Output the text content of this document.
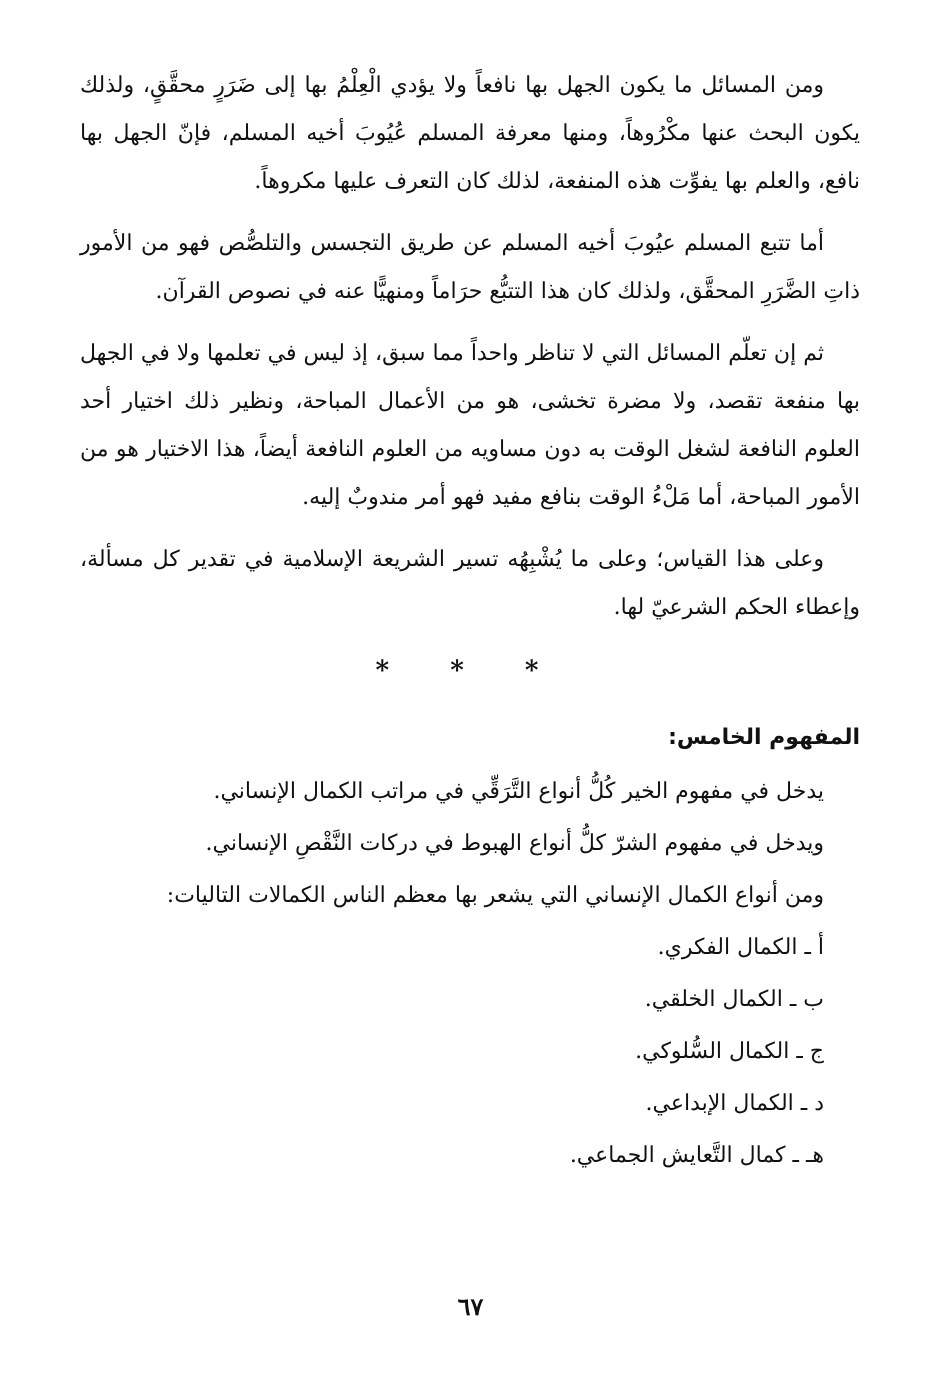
ومن المسائل ما يكون الجهل بها نافعاً ولا يؤدي الْعِلْمُ بها إلى ضَرَرٍ محقَّقٍ، ولذلك يكون البحث عنها مكْرُوهاً، ومنها معرفة المسلم عُيُوبَ أخيه المسلم، فإنّ الجهل بها نافع، والعلم بها يفوِّت هذه المنفعة، لذلك كان التعرف عليها مكروهاً.

أما تتبع المسلم عيُوبَ أخيه المسلم عن طريق التجسس والتلصُّص فهو من الأمور ذاتِ الضَّرَرِ المحقَّق، ولذلك كان هذا التتبُّع حرَاماً ومنهيًّا عنه في نصوص القرآن.

ثم إن تعلّم المسائل التي لا تناظر واحداً مما سبق، إذ ليس في تعلمها ولا في الجهل بها منفعة تقصد، ولا مضرة تخشى، هو من الأعمال المباحة، ونظير ذلك اختيار أحد العلوم النافعة لشغل الوقت به دون مساويه من العلوم النافعة أيضاً، هذا الاختيار هو من الأمور المباحة، أما مَلْءُ الوقت بنافع مفيد فهو أمر مندوبٌ إليه.

وعلى هذا القياس؛ وعلى ما يُشْبِهُه تسير الشريعة الإسلامية في تقدير كل مسألة، وإعطاء الحكم الشرعيّ لها.

* * *
المفهوم الخامس:

يدخل في مفهوم الخير كُلُّ أنواع التَّرَقِّي في مراتب الكمال الإنساني.

ويدخل في مفهوم الشرّ كلُّ أنواع الهبوط في دركات النَّقْصِ الإنساني.

ومن أنواع الكمال الإنساني التي يشعر بها معظم الناس الكمالات التاليات:

أ ـ الكمال الفكري.

ب ـ الكمال الخلقي.

ج ـ الكمال السُّلوكي.

د ـ الكمال الإبداعي.

هـ ـ كمال التَّعايش الجماعي.

٦٧
